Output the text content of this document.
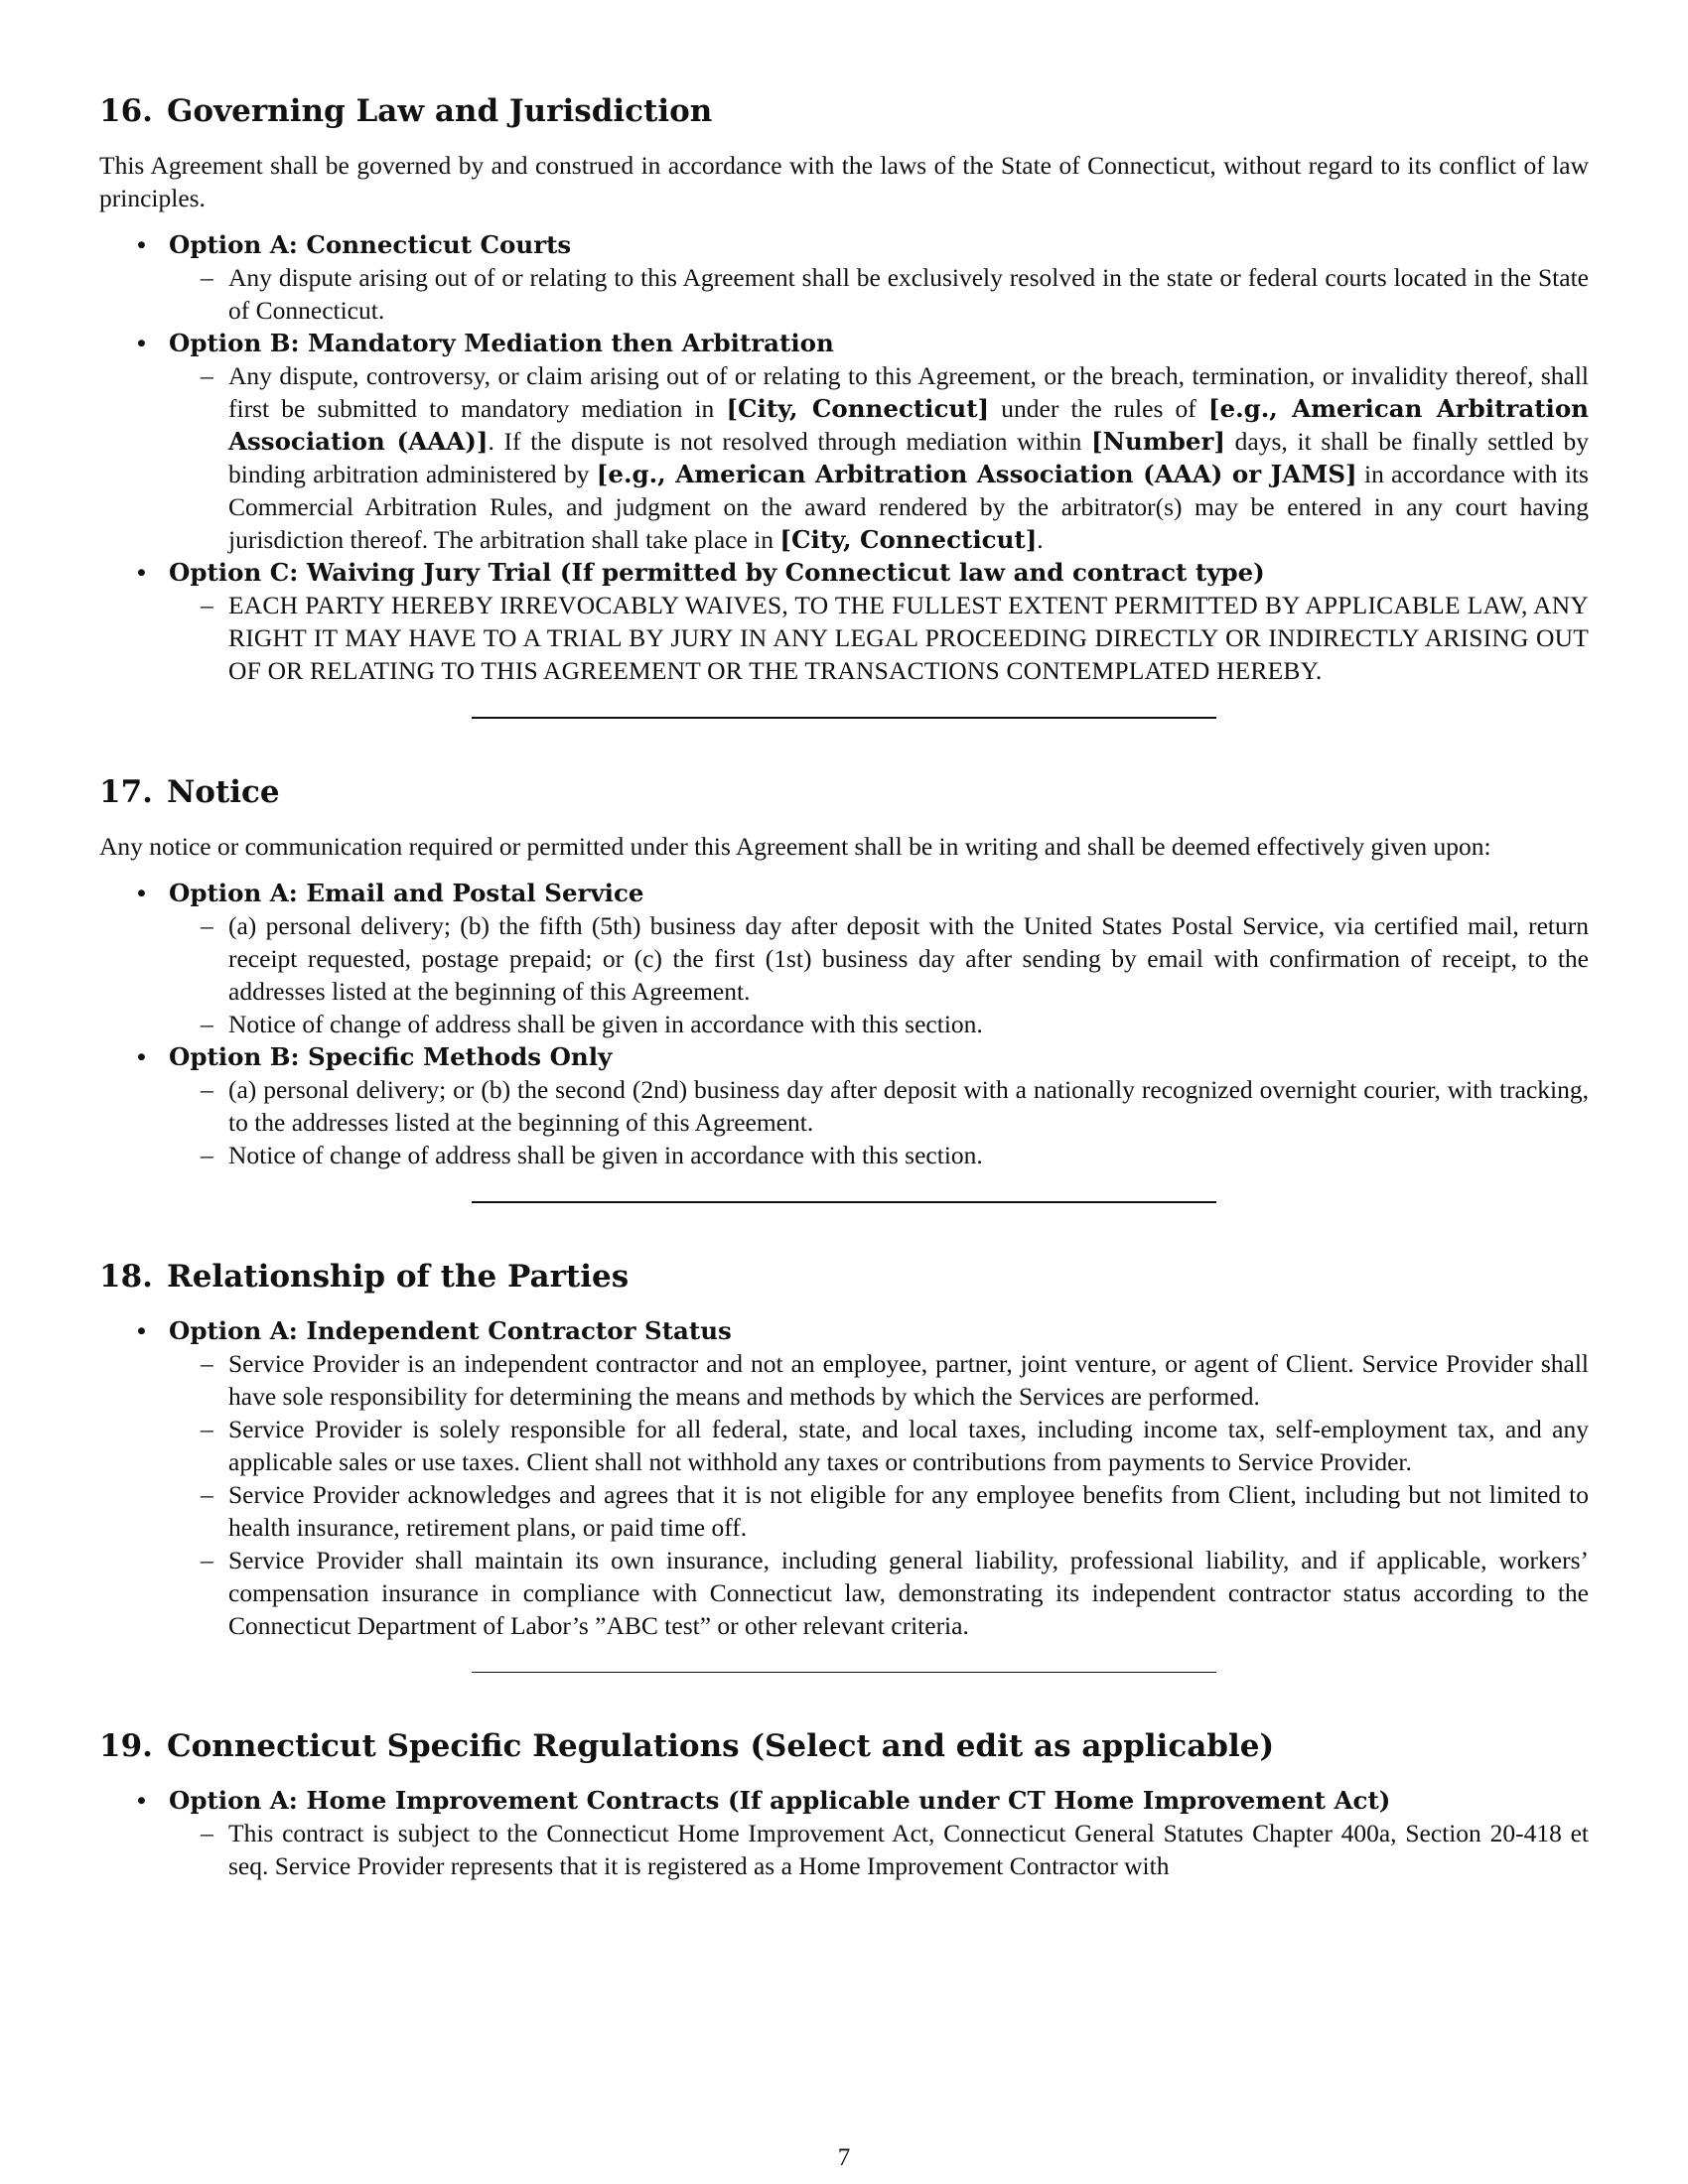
16. Governing Law and Jurisdiction

This Agreement shall be governed by and construed in accordance with the laws of the State of Connecticut, without regard to its conflict of law principles.

• Option A: Connecticut Courts
– Any dispute arising out of or relating to this Agreement shall be exclusively resolved in the state or federal courts located in the State of Connecticut.
• Option B: Mandatory Mediation then Arbitration
– Any dispute, controversy, or claim arising out of or relating to this Agreement, or the breach, termination, or invalidity thereof, shall first be submitted to mandatory mediation in [City, Connecticut] under the rules of [e.g., American Arbitration Association (AAA)]. If the dispute is not resolved through mediation within [Number] days, it shall be finally settled by binding arbitration administered by [e.g., American Arbitration Association (AAA) or JAMS] in accordance with its Commercial Arbitration Rules, and judgment on the award rendered by the arbitrator(s) may be entered in any court having jurisdiction thereof. The arbitration shall take place in [City, Connecticut].
• Option C: Waiving Jury Trial (If permitted by Connecticut law and contract type)
– EACH PARTY HEREBY IRREVOCABLY WAIVES, TO THE FULLEST EXTENT PERMITTED BY APPLICABLE LAW, ANY RIGHT IT MAY HAVE TO A TRIAL BY JURY IN ANY LEGAL PROCEEDING DIRECTLY OR INDIRECTLY ARISING OUT OF OR RELATING TO THIS AGREEMENT OR THE TRANSACTIONS CONTEMPLATED HEREBY.
17. Notice

Any notice or communication required or permitted under this Agreement shall be in writing and shall be deemed effectively given upon:

• Option A: Email and Postal Service
– (a) personal delivery; (b) the fifth (5th) business day after deposit with the United States Postal Service, via certified mail, return receipt requested, postage prepaid; or (c) the first (1st) business day after sending by email with confirmation of receipt, to the addresses listed at the beginning of this Agreement.
– Notice of change of address shall be given in accordance with this section.
• Option B: Specific Methods Only
– (a) personal delivery; or (b) the second (2nd) business day after deposit with a nationally recognized overnight courier, with tracking, to the addresses listed at the beginning of this Agreement.
– Notice of change of address shall be given in accordance with this section.
18. Relationship of the Parties
• Option A: Independent Contractor Status
– Service Provider is an independent contractor and not an employee, partner, joint venture, or agent of Client. Service Provider shall have sole responsibility for determining the means and methods by which the Services are performed.
– Service Provider is solely responsible for all federal, state, and local taxes, including income tax, self-employment tax, and any applicable sales or use taxes. Client shall not withhold any taxes or contributions from payments to Service Provider.
– Service Provider acknowledges and agrees that it is not eligible for any employee benefits from Client, including but not limited to health insurance, retirement plans, or paid time off.
– Service Provider shall maintain its own insurance, including general liability, professional liability, and if applicable, workers’ compensation insurance in compliance with Connecticut law, demonstrating its independent contractor status according to the Connecticut Department of Labor’s ”ABC test” or other relevant criteria.
19. Connecticut Specific Regulations (Select and edit as applicable)
• Option A: Home Improvement Contracts (If applicable under CT Home Improvement Act)
– This contract is subject to the Connecticut Home Improvement Act, Connecticut General Statutes Chapter 400a, Section 20-418 et seq. Service Provider represents that it is registered as a Home Improvement Contractor with
7
